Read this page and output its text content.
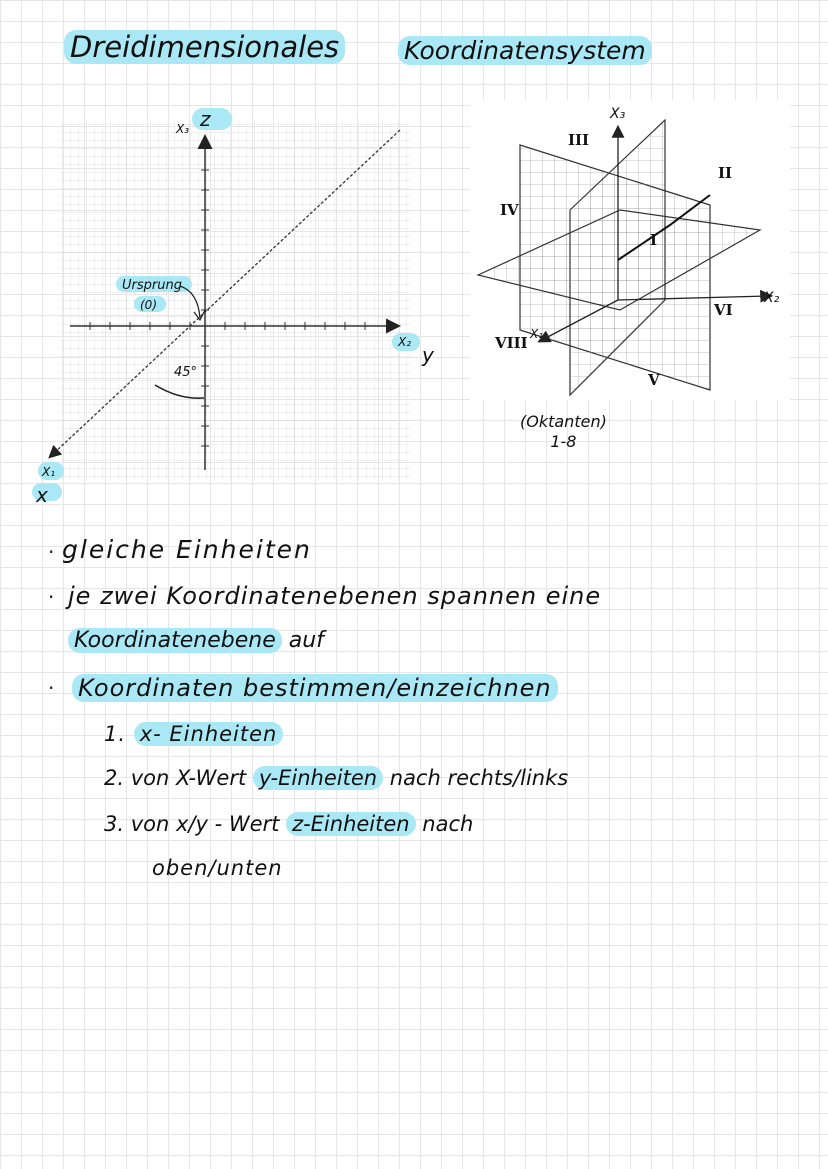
Dreidimensionales	Koordinatensystem
z
X₃
X₂
y
X₁
x
Ursprung
(0)
45°
III
II
IV
I
VI
VIII
V
X₃
X₂
X₁
(Oktanten)
1-8
·
·
·
gleiche Einheiten
je zwei Koordinatenebenen spannen eine
Koordinatenebene auf
Koordinaten bestimmen/einzeichnen
1. x- Einheiten
2. von X-Wert y-Einheiten nach rechts/links
3. von x/y - Wert z-Einheiten nach
oben/unten
